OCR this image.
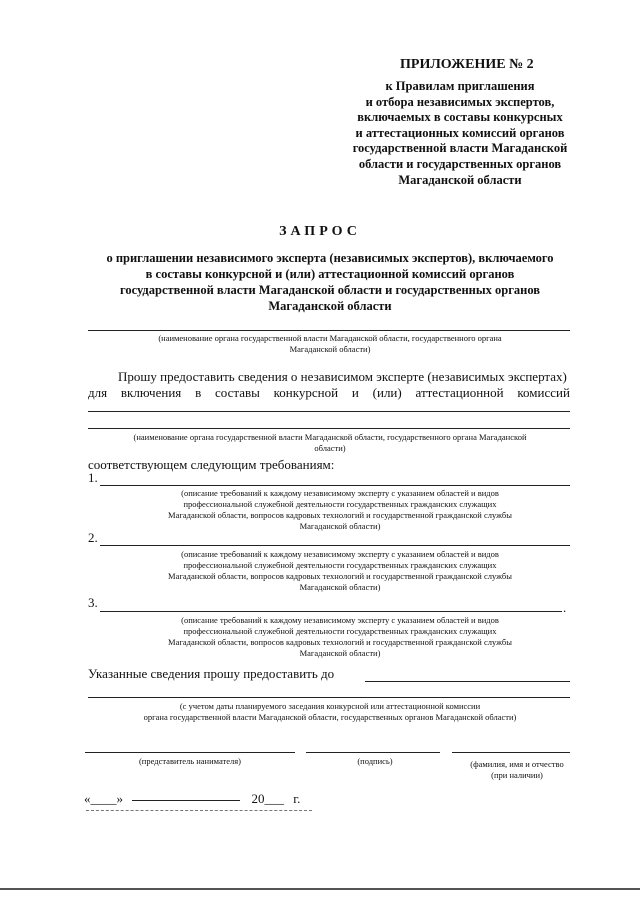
ПРИЛОЖЕНИЕ № 2
к Правилам приглашения
и отбора независимых экспертов,
включаемых в составы конкурсных
и аттестационных комиссий органов
государственной власти Магаданской
области и государственных органов
Магаданской области
ЗАПРОС
о приглашении независимого эксперта (независимых экспертов), включаемого
в составы конкурсной и (или) аттестационной комиссий органов
государственной власти Магаданской области и государственных органов
Магаданской области
(наименование органа государственной власти Магаданской области, государственного органа
Магаданской области)
Прошу предоставить сведения о независимом эксперте (независимых экспертах)
для включения в составы конкурсной и (или) аттестационной комиссий
(наименование органа государственной власти Магаданской области, государственного органа Магаданской
области)
соответствующем следующим требованиям:
1.
(описание требований к каждому независимому эксперту с указанием областей и видов
профессиональной служебной деятельности государственных гражданских служащих
Магаданской области, вопросов кадровых технологий и государственной гражданской службы
Магаданской области)
2.
(описание требований к каждому независимому эксперту с указанием областей и видов
профессиональной служебной деятельности государственных гражданских служащих
Магаданской области, вопросов кадровых технологий и государственной гражданской службы
Магаданской области)
3.	.
(описание требований к каждому независимому эксперту с указанием областей и видов
профессиональной служебной деятельности государственных гражданских служащих
Магаданской области, вопросов кадровых технологий и государственной гражданской службы
Магаданской области)
Указанные сведения прошу предоставить до
(с учетом даты планируемого заседания конкурсной или аттестационной комиссии
органа государственной власти Магаданской области, государственных органов Магаданской области)
(представитель нанимателя)	(подпись)	(фамилия, имя и отчество
(при наличии)
«____»	20___ г.
